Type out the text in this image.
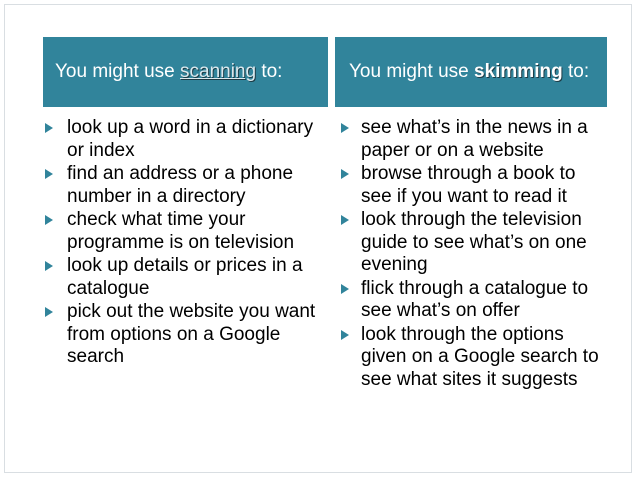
You might use scanning to:	You might use skimming to:
look up a word in a dictionary or index
find an address or a phone number in a directory
check what time your programme is on television
look up details or prices in a catalogue
pick out the website you want from options on a Google search
see what’s in the news in a paper or on a website
browse through a book to see if you want to read it
look through the television guide to see what’s on one evening
flick through a catalogue to see what’s on offer
look through the options given on a Google search to see what sites it suggests
